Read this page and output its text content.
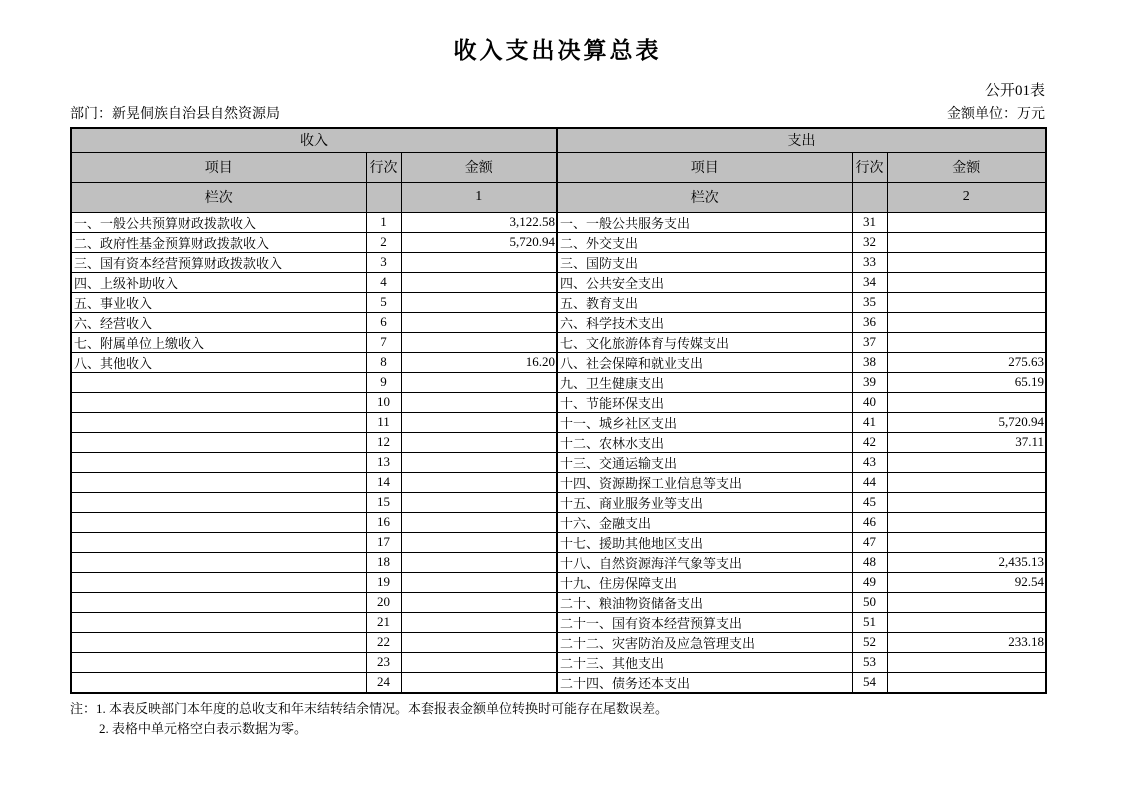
收入支出决算总表
公开01表
部门：新晃侗族自治县自然资源局	金额单位：万元
收入			支出		
项目	行次	金额	项目	行次	金额
栏次		1	栏次		2
一、一般公共预算财政拨款收入	1	3,122.58	一、一般公共服务支出	31	
二、政府性基金预算财政拨款收入	2	5,720.94	二、外交支出	32	
三、国有资本经营预算财政拨款收入	3		三、国防支出	33	
四、上级补助收入	4		四、公共安全支出	34	
五、事业收入	5		五、教育支出	35	
六、经营收入	6		六、科学技术支出	36	
七、附属单位上缴收入	7		七、文化旅游体育与传媒支出	37	
八、其他收入	8	16.20	八、社会保障和就业支出	38	275.63
	9		九、卫生健康支出	39	65.19
	10		十、节能环保支出	40	
	11		十一、城乡社区支出	41	5,720.94
	12		十二、农林水支出	42	37.11
	13		十三、交通运输支出	43	
	14		十四、资源勘探工业信息等支出	44	
	15		十五、商业服务业等支出	45	
	16		十六、金融支出	46	
	17		十七、援助其他地区支出	47	
	18		十八、自然资源海洋气象等支出	48	2,435.13
	19		十九、住房保障支出	49	92.54
	20		二十、粮油物资储备支出	50	
	21		二十一、国有资本经营预算支出	51	
	22		二十二、灾害防治及应急管理支出	52	233.18
	23		二十三、其他支出	53	
	24		二十四、债务还本支出	54	
注：1. 本表反映部门本年度的总收支和年末结转结余情况。本套报表金额单位转换时可能存在尾数误差。
2. 表格中单元格空白表示数据为零。
